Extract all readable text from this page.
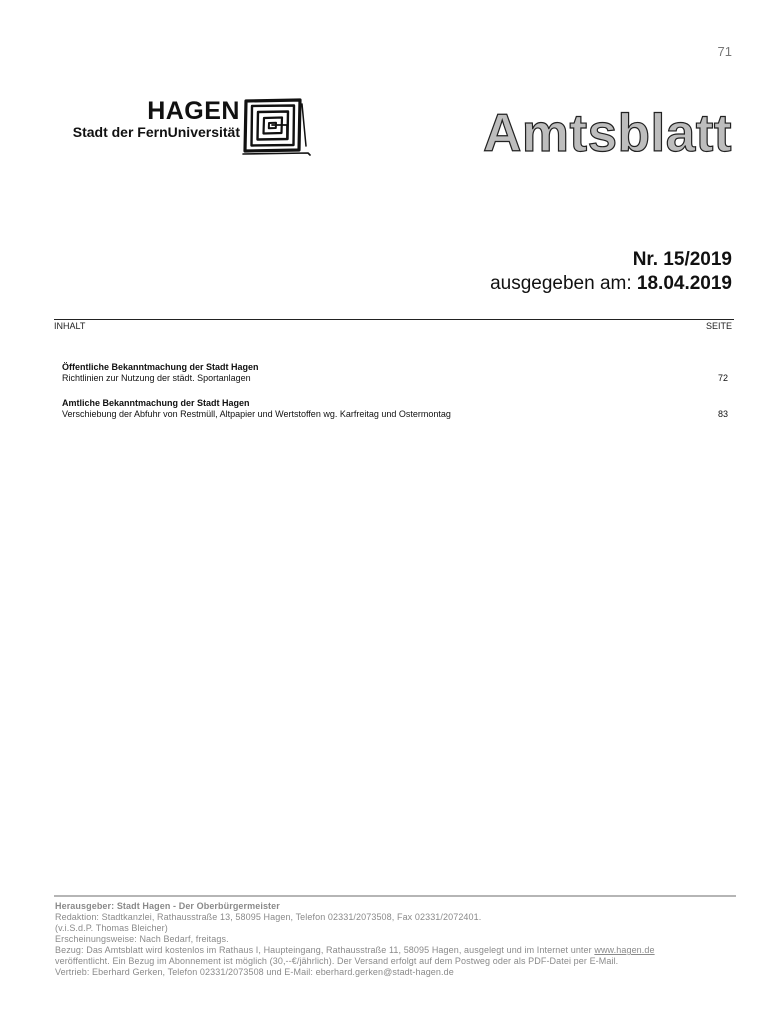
71
HAGEN
Stadt der FernUniversität	Amtsblatt
Nr. 15/2019
ausgegeben am: 18.04.2019
INHALT	SEITE
Öffentliche Bekanntmachung der Stadt Hagen
Richtlinien zur Nutzung der städt. Sportanlagen	72
Amtliche Bekanntmachung der Stadt Hagen
Verschiebung der Abfuhr von Restmüll, Altpapier und Wertstoffen wg. Karfreitag und Ostermontag	83
Herausgeber: Stadt Hagen - Der Oberbürgermeister
Redaktion: Stadtkanzlei, Rathausstraße 13, 58095 Hagen, Telefon 02331/2073508, Fax 02331/2072401.
(v.i.S.d.P. Thomas Bleicher)
Erscheinungsweise: Nach Bedarf, freitags.
Bezug: Das Amtsblatt wird kostenlos im Rathaus I, Haupteingang, Rathausstraße 11, 58095 Hagen, ausgelegt und im Internet unter www.hagen.de
veröffentlicht. Ein Bezug im Abonnement ist möglich (30,--€/jährlich). Der Versand erfolgt auf dem Postweg oder als PDF-Datei per E-Mail.
Vertrieb: Eberhard Gerken, Telefon 02331/2073508 und E-Mail: eberhard.gerken@stadt-hagen.de
